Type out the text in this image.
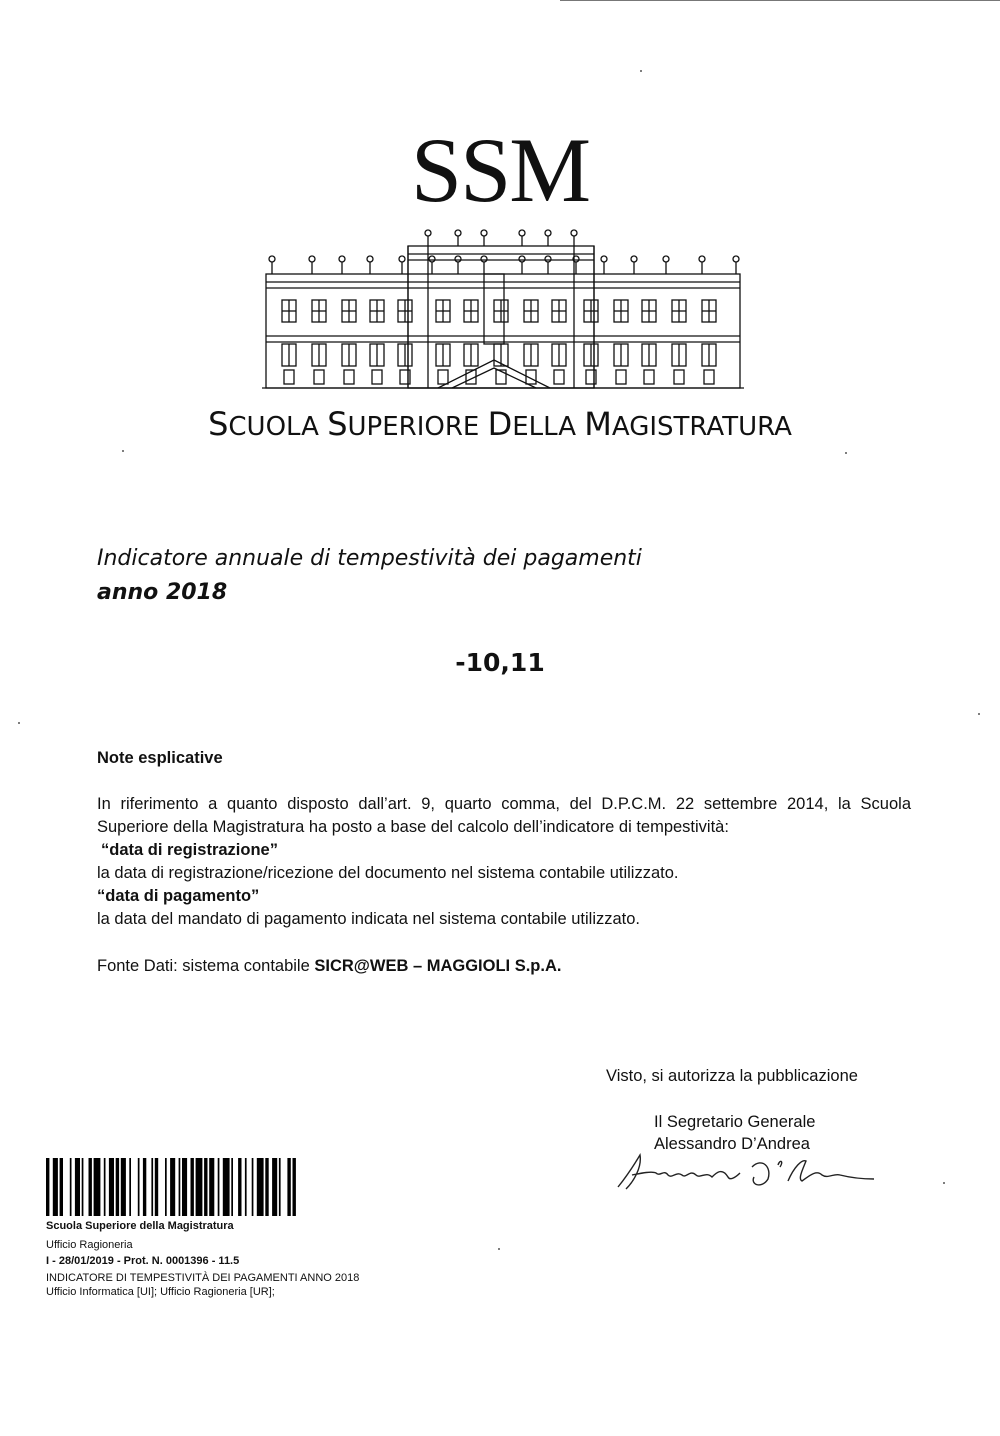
SSM
SCUOLA SUPERIORE DELLA MAGISTRATURA
Indicatore annuale di tempestività dei pagamenti
anno 2018
-10,11
Note esplicative
In riferimento a quanto disposto dall’art. 9, quarto comma, del D.P.C.M. 22 settembre 2014, la Scuola
Superiore della Magistratura ha posto a base del calcolo dell’indicatore di tempestività:
“data di registrazione”
la data di registrazione/ricezione del documento nel sistema contabile utilizzato.
“data di pagamento”
la data del mandato di pagamento indicata nel sistema contabile utilizzato.
Fonte Dati: sistema contabile SICR@WEB – MAGGIOLI S.p.A.
Visto, si autorizza la pubblicazione
Il Segretario Generale
Alessandro D’Andrea
Scuola Superiore della Magistratura
Ufficio Ragioneria
I - 28/01/2019 - Prot. N. 0001396 - 11.5
INDICATORE DI TEMPESTIVITÀ DEI PAGAMENTI ANNO 2018
Ufficio Informatica [UI]; Ufficio Ragioneria [UR];
